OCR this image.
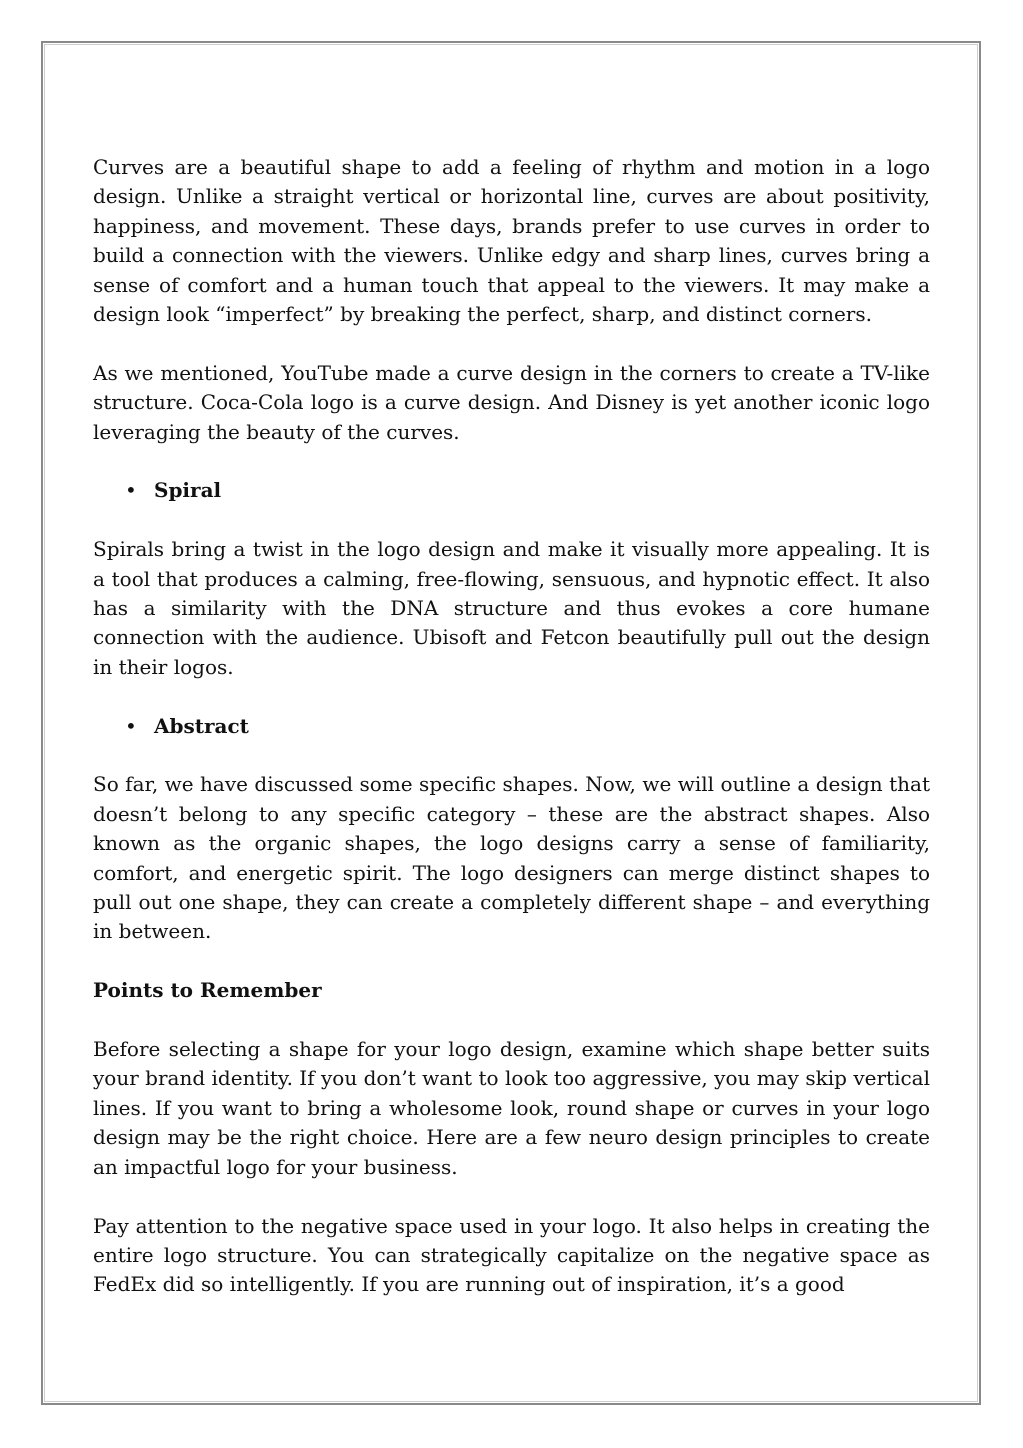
Curves are a beautiful shape to add a feeling of rhythm and motion in a logo design. Unlike a straight vertical or horizontal line, curves are about positivity, happiness, and movement. These days, brands prefer to use curves in order to build a connection with the viewers. Unlike edgy and sharp lines, curves bring a sense of comfort and a human touch that appeal to the viewers. It may make a design look “imperfect” by breaking the perfect, sharp, and distinct corners.

As we mentioned, YouTube made a curve design in the corners to create a TV-like structure. Coca-Cola logo is a curve design. And Disney is yet another iconic logo leveraging the beauty of the curves.

• Spiral

Spirals bring a twist in the logo design and make it visually more appealing. It is a tool that produces a calming, free-flowing, sensuous, and hypnotic effect. It also has a similarity with the DNA structure and thus evokes a core humane connection with the audience. Ubisoft and Fetcon beautifully pull out the design in their logos.

• Abstract

So far, we have discussed some specific shapes. Now, we will outline a design that doesn’t belong to any specific category – these are the abstract shapes. Also known as the organic shapes, the logo designs carry a sense of familiarity, comfort, and energetic spirit. The logo designers can merge distinct shapes to pull out one shape, they can create a completely different shape – and everything in between.

Points to Remember

Before selecting a shape for your logo design, examine which shape better suits your brand identity. If you don’t want to look too aggressive, you may skip vertical lines. If you want to bring a wholesome look, round shape or curves in your logo design may be the right choice. Here are a few neuro design principles to create an impactful logo for your business.

Pay attention to the negative space used in your logo. It also helps in creating the entire logo structure. You can strategically capitalize on the negative space as FedEx did so intelligently. If you are running out of inspiration, it’s a good
